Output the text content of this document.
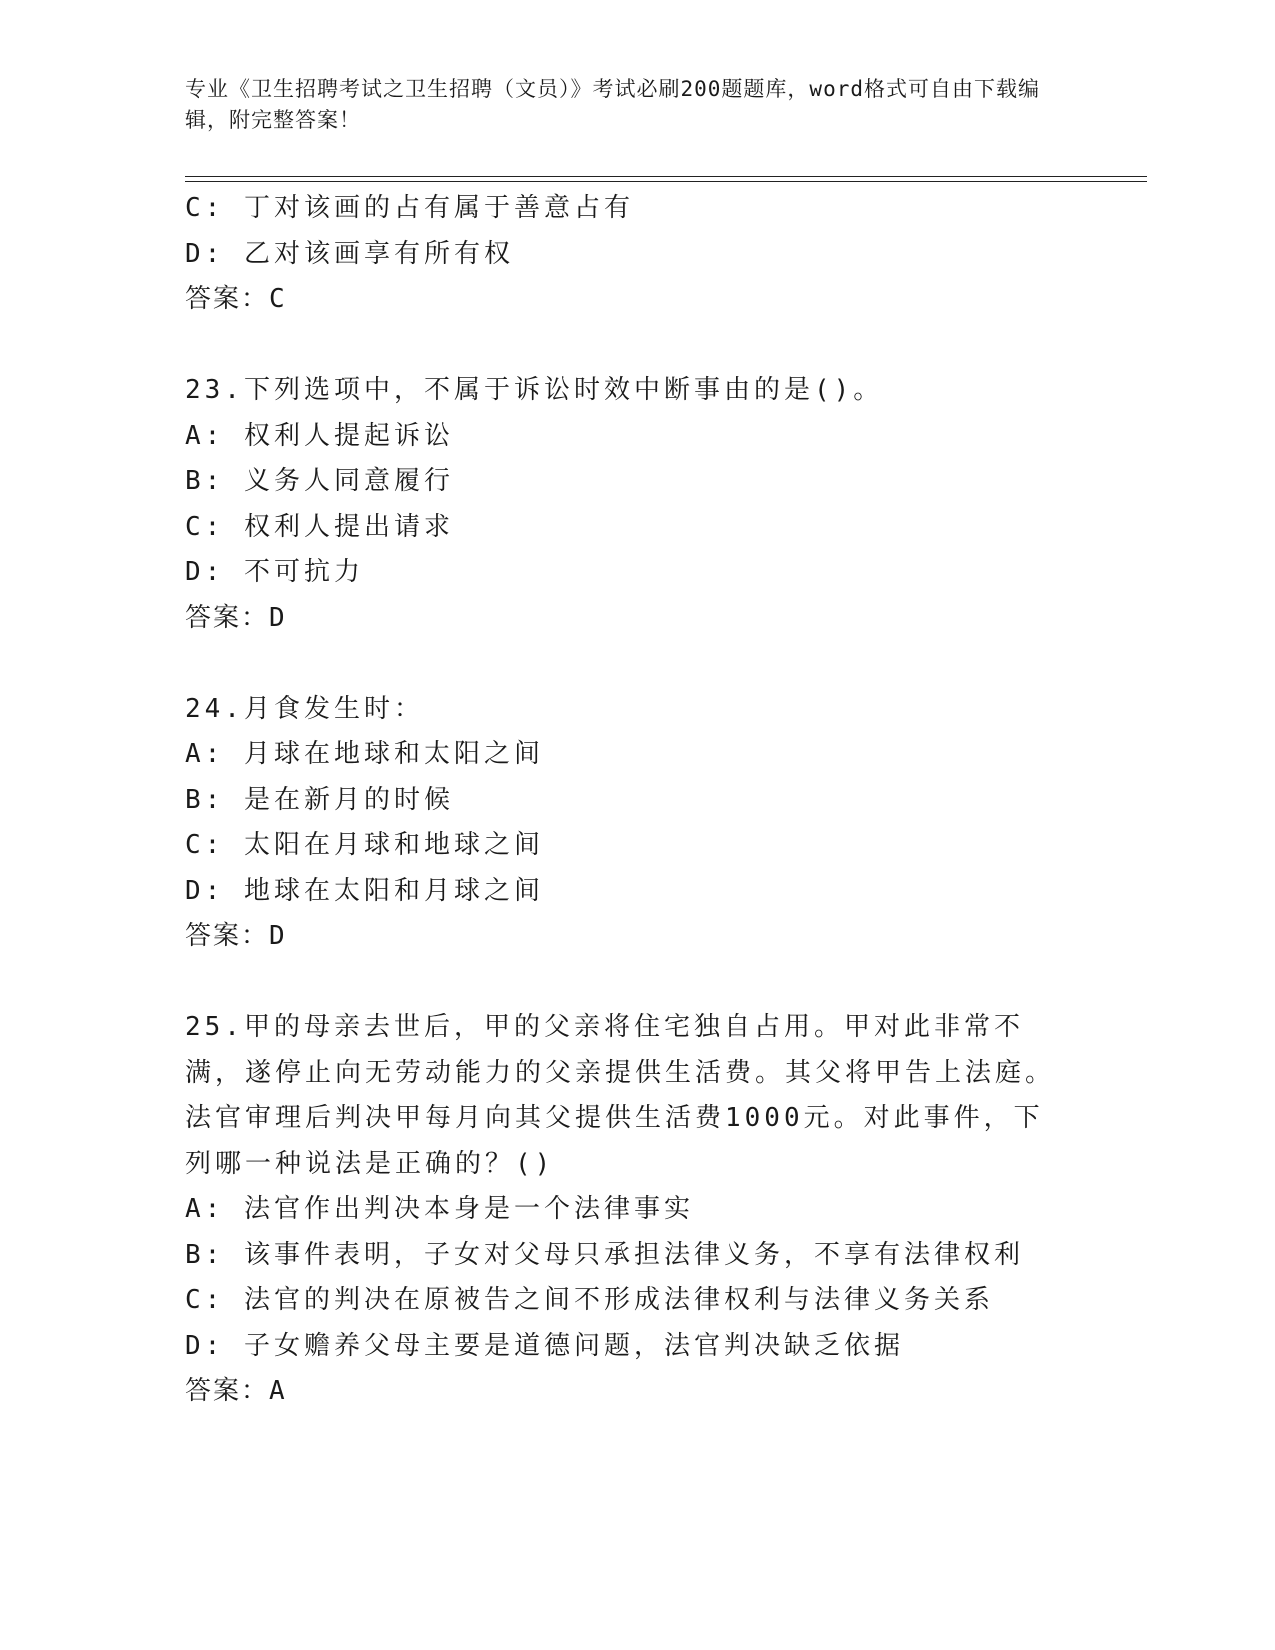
专业《卫生招聘考试之卫生招聘（文员）》考试必刷200题题库，word格式可自由下载编辑，附完整答案！
C: 丁对该画的占有属于善意占有
D: 乙对该画享有所有权
答案：C
23.下列选项中，不属于诉讼时效中断事由的是()。
A: 权利人提起诉讼
B: 义务人同意履行
C: 权利人提出请求
D: 不可抗力
答案：D
24.月食发生时：
A: 月球在地球和太阳之间
B: 是在新月的时候
C: 太阳在月球和地球之间
D: 地球在太阳和月球之间
答案：D
25.甲的母亲去世后，甲的父亲将住宅独自占用。甲对此非常不满，遂停止向无劳动能力的父亲提供生活费。其父将甲告上法庭。法官审理后判决甲每月向其父提供生活费1000元。对此事件，下列哪一种说法是正确的？()
A: 法官作出判决本身是一个法律事实
B: 该事件表明，子女对父母只承担法律义务，不享有法律权利
C: 法官的判决在原被告之间不形成法律权利与法律义务关系
D: 子女赡养父母主要是道德问题，法官判决缺乏依据
答案：A
